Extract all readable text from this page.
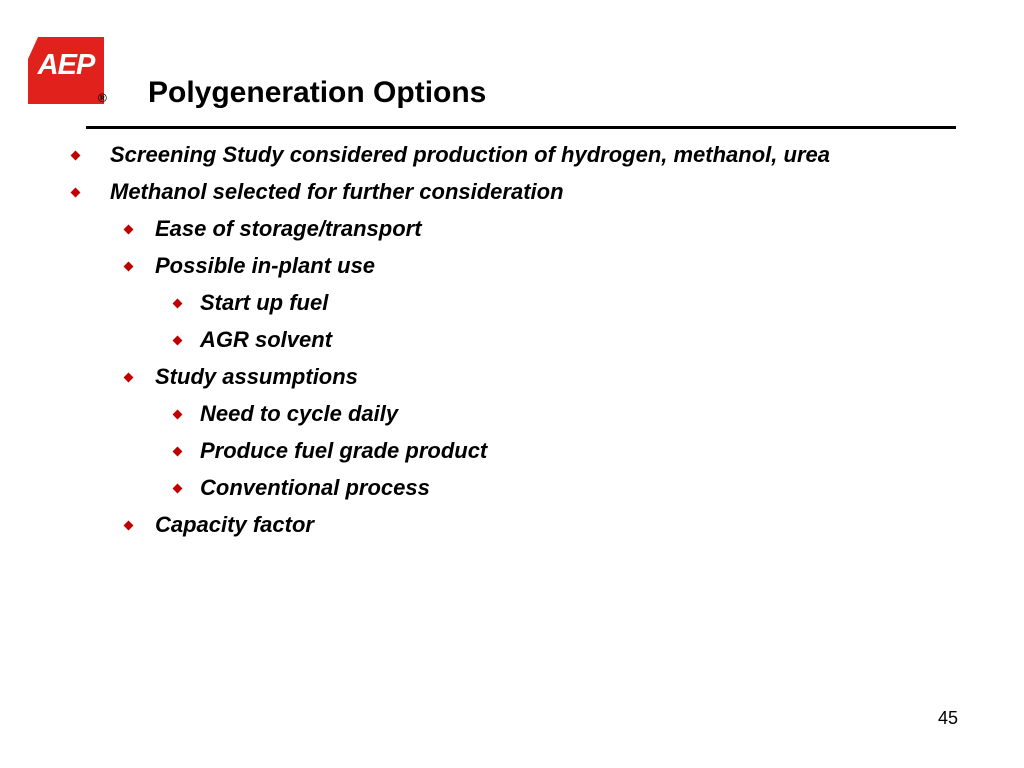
AEP
® Polygeneration Options
Screening Study considered production of hydrogen, methanol, urea
Methanol selected for further consideration
Ease of storage/transport
Possible in-plant use
Start up fuel
AGR solvent
Study assumptions
Need to cycle daily
Produce fuel grade product
Conventional process
Capacity factor
45
